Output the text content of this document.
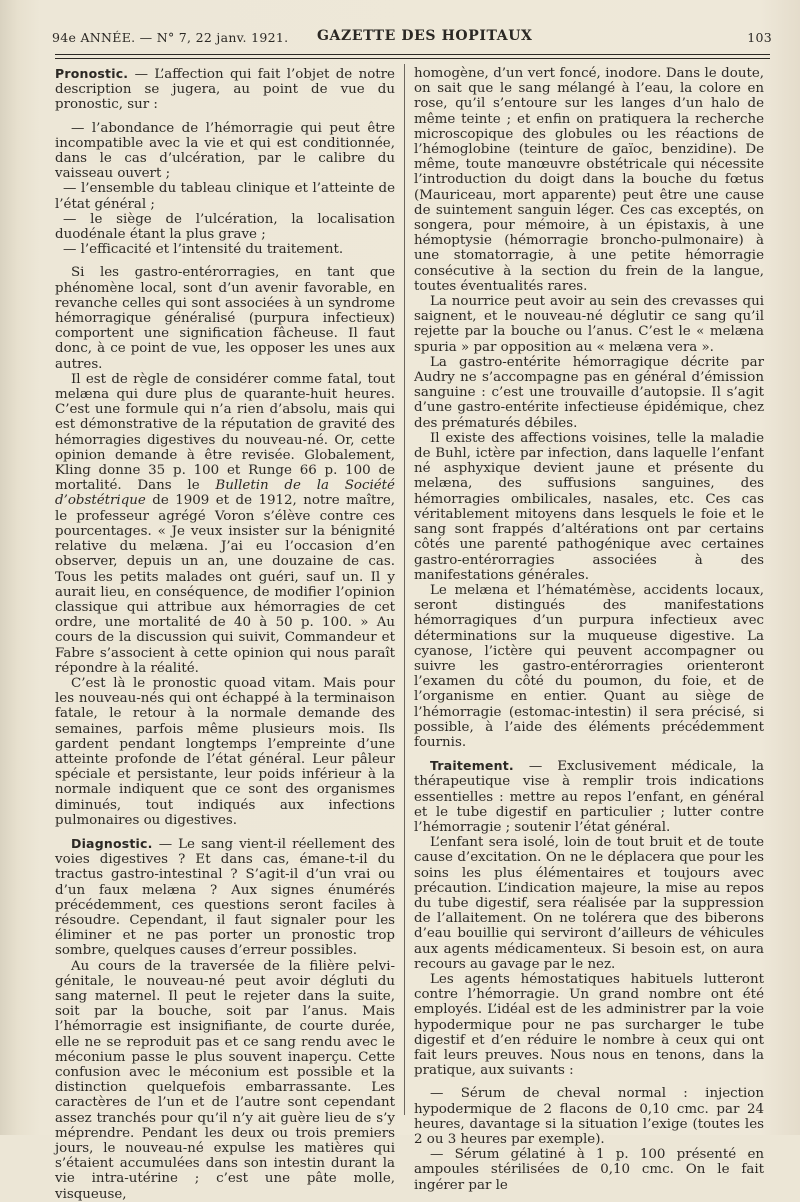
94e ANNÉE. — N° 7, 22 janv. 1921. GAZETTE DES HOPITAUX	103

Pronostic. — L’affection qui fait l’objet de notre description se jugera, au point de vue du pronostic, sur :

— l’abondance de l’hémorragie qui peut être incompatible avec la vie et qui est conditionnée, dans le cas d’ulcération, par le calibre du vaisseau ouvert ;

— l’ensemble du tableau clinique et l’atteinte de l’état général ;

— le siège de l’ulcération, la localisation duodénale étant la plus grave ;

— l’efficacité et l’intensité du traitement.

Si les gastro-entérorragies, en tant que phénomène local, sont d’un avenir favorable, en revanche celles qui sont associées à un syndrome hémorragique généralisé (purpura infectieux) comportent une signification fâcheuse. Il faut donc, à ce point de vue, les opposer les unes aux autres.

Il est de règle de considérer comme fatal, tout melæna qui dure plus de quarante-huit heures. C’est une formule qui n’a rien d’absolu, mais qui est démonstrative de la réputation de gravité des hémorragies digestives du nouveau-né. Or, cette opinion demande à être revisée. Globalement, Kling donne 35 p. 100 et Runge 66 p. 100 de mortalité. Dans le Bulletin de la Société d’obstétrique de 1909 et de 1912, notre maître, le professeur agrégé Voron s’élève contre ces pourcentages. « Je veux insister sur la bénignité relative du melæna. J’ai eu l’occasion d’en observer, depuis un an, une douzaine de cas. Tous les petits malades ont guéri, sauf un. Il y aurait lieu, en conséquence, de modifier l’opinion classique qui attribue aux hémorragies de cet ordre, une mortalité de 40 à 50 p. 100. » Au cours de la discussion qui suivit, Commandeur et Fabre s’associent à cette opinion qui nous paraît répondre à la réalité.

C’est là le pronostic quoad vitam. Mais pour les nouveau-nés qui ont échappé à la terminaison fatale, le retour à la normale demande des semaines, parfois même plusieurs mois. Ils gardent pendant longtemps l’empreinte d’une atteinte profonde de l’état général. Leur pâleur spéciale et persistante, leur poids inférieur à la normale indiquent que ce sont des organismes diminués, tout indiqués aux infections pulmonaires ou digestives.

Diagnostic. — Le sang vient-il réellement des voies digestives ? Et dans cas, émane-t-il du tractus gastro-intestinal ? S’agit-il d’un vrai ou d’un faux melæna ? Aux signes énumérés précédemment, ces questions seront faciles à résoudre. Cependant, il faut signaler pour les éliminer et ne pas porter un pronostic trop sombre, quelques causes d’erreur possibles.

Au cours de la traversée de la filière pelvi-génitale, le nouveau-né peut avoir dégluti du sang maternel. Il peut le rejeter dans la suite, soit par la bouche, soit par l’anus. Mais l’hémorragie est insignifiante, de courte durée, elle ne se reproduit pas et ce sang rendu avec le méconium passe le plus souvent inaperçu. Cette confusion avec le méconium est possible et la distinction quelquefois embarrassante. Les caractères de l’un et de l’autre sont cependant assez tranchés pour qu’il n’y ait guère lieu de s’y méprendre. Pendant les deux ou trois premiers jours, le nouveau-né expulse les matières qui s’étaient accumulées dans son intestin durant la vie intra-utérine ; c’est une pâte molle, visqueuse,

homogène, d’un vert foncé, inodore. Dans le doute, on sait que le sang mélangé à l’eau, la colore en rose, qu’il s’entoure sur les langes d’un halo de même teinte ; et enfin on pratiquera la recherche microscopique des globules ou les réactions de l’hémoglobine (teinture de gaïoc, benzidine). De même, toute manœuvre obstétricale qui nécessite l’introduction du doigt dans la bouche du fœtus (Mauriceau, mort apparente) peut être une cause de suintement sanguin léger. Ces cas exceptés, on songera, pour mémoire, à un épistaxis, à une hémoptysie (hémorragie broncho-pulmonaire) à une stomatorragie, à une petite hémorragie consécutive à la section du frein de la langue, toutes éventualités rares.

La nourrice peut avoir au sein des crevasses qui saignent, et le nouveau-né déglutir ce sang qu’il rejette par la bouche ou l’anus. C’est le « melæna spuria » par opposition au « melæna vera ».

La gastro-entérite hémorragique décrite par Audry ne s’accompagne pas en général d’émission sanguine : c’est une trouvaille d’autopsie. Il s’agit d’une gastro-entérite infectieuse épidémique, chez des prématurés débiles.

Il existe des affections voisines, telle la maladie de Buhl, ictère par infection, dans laquelle l’enfant né asphyxique devient jaune et présente du melæna, des suffusions sanguines, des hémorragies ombilicales, nasales, etc. Ces cas véritablement mitoyens dans lesquels le foie et le sang sont frappés d’altérations ont par certains côtés une parenté pathogénique avec certaines gastro-entérorragies associées à des manifestations générales.

Le melæna et l’hématémèse, accidents locaux, seront distingués des manifestations hémorragiques d’un purpura infectieux avec déterminations sur la muqueuse digestive. La cyanose, l’ictère qui peuvent accompagner ou suivre les gastro-entérorragies orienteront l’examen du côté du poumon, du foie, et de l’organisme en entier. Quant au siège de l’hémorragie (estomac-intestin) il sera précisé, si possible, à l’aide des éléments précédemment fournis.

Traitement. — Exclusivement médicale, la thérapeutique vise à remplir trois indications essentielles : mettre au repos l’enfant, en général et le tube digestif en particulier ; lutter contre l’hémorragie ; soutenir l’état général.

L’enfant sera isolé, loin de tout bruit et de toute cause d’excitation. On ne le déplacera que pour les soins les plus élémentaires et toujours avec précaution. L’indication majeure, la mise au repos du tube digestif, sera réalisée par la suppression de l’allaitement. On ne tolérera que des biberons d’eau bouillie qui serviront d’ailleurs de véhicules aux agents médicamenteux. Si besoin est, on aura recours au gavage par le nez.

Les agents hémostatiques habituels lutteront contre l’hémorragie. Un grand nombre ont été employés. L’idéal est de les administrer par la voie hypodermique pour ne pas surcharger le tube digestif et d’en réduire le nombre à ceux qui ont fait leurs preuves. Nous nous en tenons, dans la pratique, aux suivants :

— Sérum de cheval normal : injection hypodermique de 2 flacons de 0,10 cmc. par 24 heures, davantage si la situation l’exige (toutes les 2 ou 3 heures par exemple).

— Sérum gélatiné à 1 p. 100 présenté en ampoules stérilisées de 0,10 cmc. On le fait ingérer par le
